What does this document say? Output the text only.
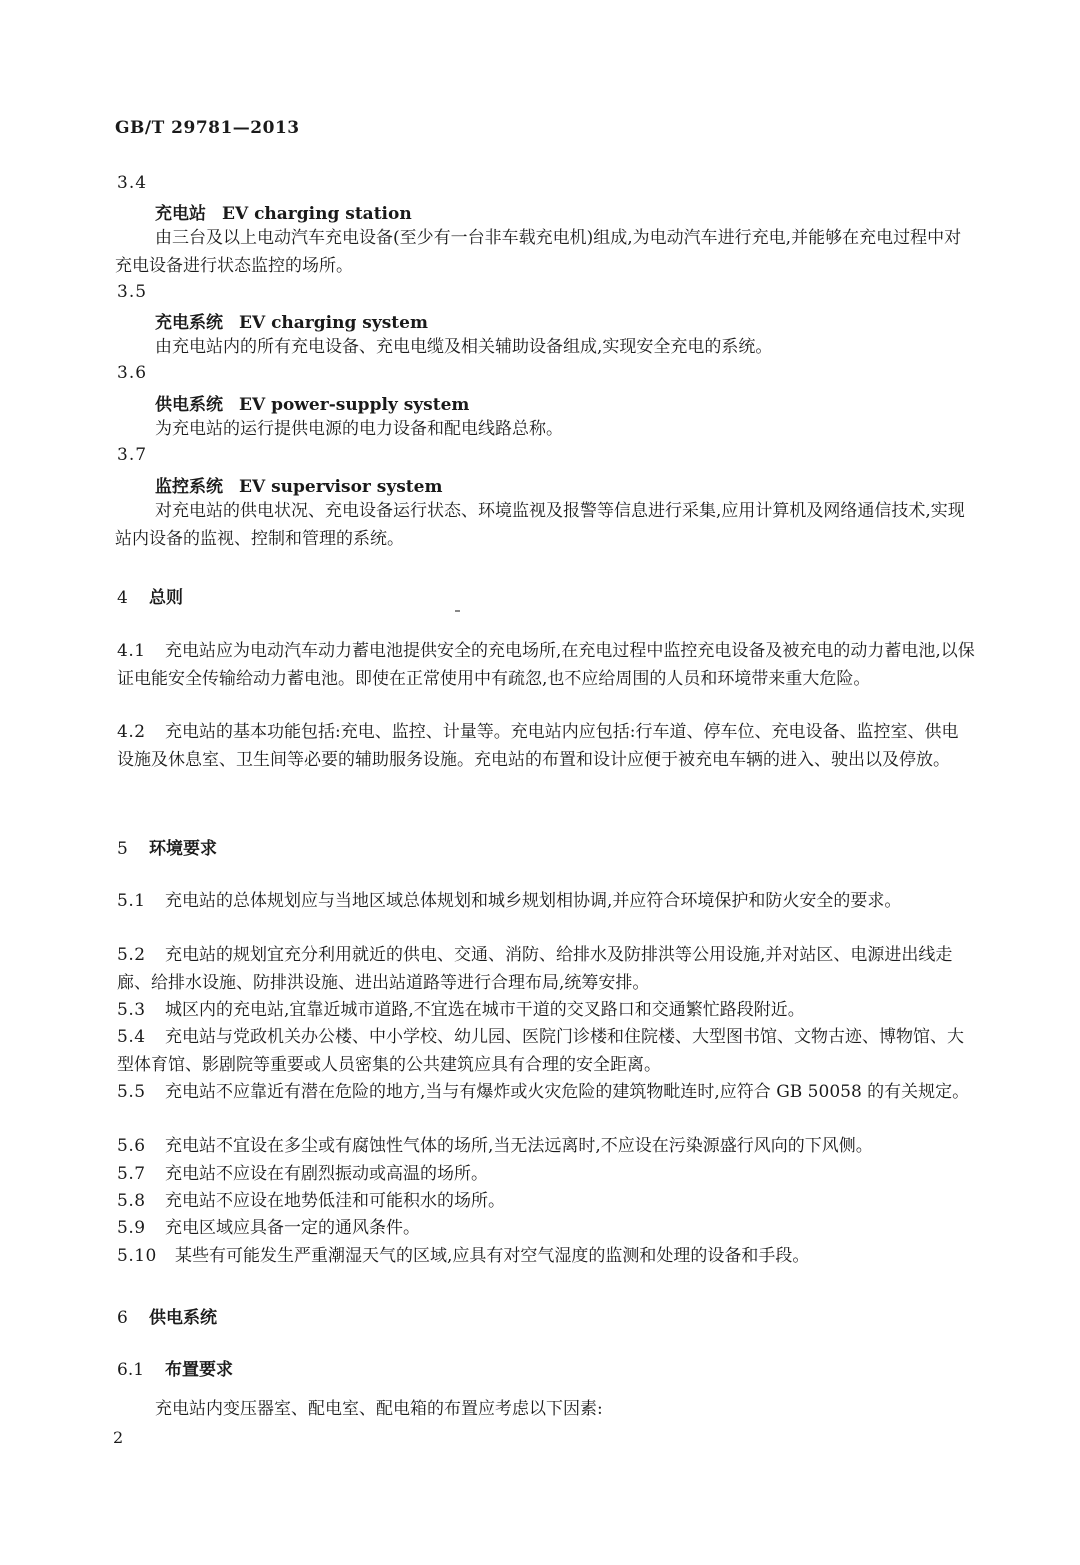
GB/T 29781—2013
3.4
充电站 EV charging station
由三台及以上电动汽车充电设备(至少有一台非车载充电机)组成,为电动汽车进行充电,并能够在充电过程中对充电设备进行状态监控的场所。
3.5
充电系统 EV charging system
由充电站内的所有充电设备、充电电缆及相关辅助设备组成,实现安全充电的系统。
3.6
供电系统 EV power-supply system
为充电站的运行提供电源的电力设备和配电线路总称。
3.7
监控系统 EV supervisor system
对充电站的供电状况、充电设备运行状态、环境监视及报警等信息进行采集,应用计算机及网络通信技术,实现站内设备的监视、控制和管理的系统。
4 总则
4.1 充电站应为电动汽车动力蓄电池提供安全的充电场所,在充电过程中监控充电设备及被充电的动力蓄电池,以保证电能安全传输给动力蓄电池。即使在正常使用中有疏忽,也不应给周围的人员和环境带来重大危险。
4.2 充电站的基本功能包括:充电、监控、计量等。充电站内应包括:行车道、停车位、充电设备、监控室、供电设施及休息室、卫生间等必要的辅助服务设施。充电站的布置和设计应便于被充电车辆的进入、驶出以及停放。
5 环境要求
5.1 充电站的总体规划应与当地区域总体规划和城乡规划相协调,并应符合环境保护和防火安全的要求。
5.2 充电站的规划宜充分利用就近的供电、交通、消防、给排水及防排洪等公用设施,并对站区、电源进出线走廊、给排水设施、防排洪设施、进出站道路等进行合理布局,统筹安排。
5.3 城区内的充电站,宜靠近城市道路,不宜选在城市干道的交叉路口和交通繁忙路段附近。
5.4 充电站与党政机关办公楼、中小学校、幼儿园、医院门诊楼和住院楼、大型图书馆、文物古迹、博物馆、大型体育馆、影剧院等重要或人员密集的公共建筑应具有合理的安全距离。
5.5 充电站不应靠近有潜在危险的地方,当与有爆炸或火灾危险的建筑物毗连时,应符合 GB 50058 的有关规定。
5.6 充电站不宜设在多尘或有腐蚀性气体的场所,当无法远离时,不应设在污染源盛行风向的下风侧。
5.7 充电站不应设在有剧烈振动或高温的场所。
5.8 充电站不应设在地势低洼和可能积水的场所。
5.9 充电区域应具备一定的通风条件。
5.10 某些有可能发生严重潮湿天气的区域,应具有对空气湿度的监测和处理的设备和手段。
6 供电系统
6.1 布置要求
充电站内变压器室、配电室、配电箱的布置应考虑以下因素:
2
